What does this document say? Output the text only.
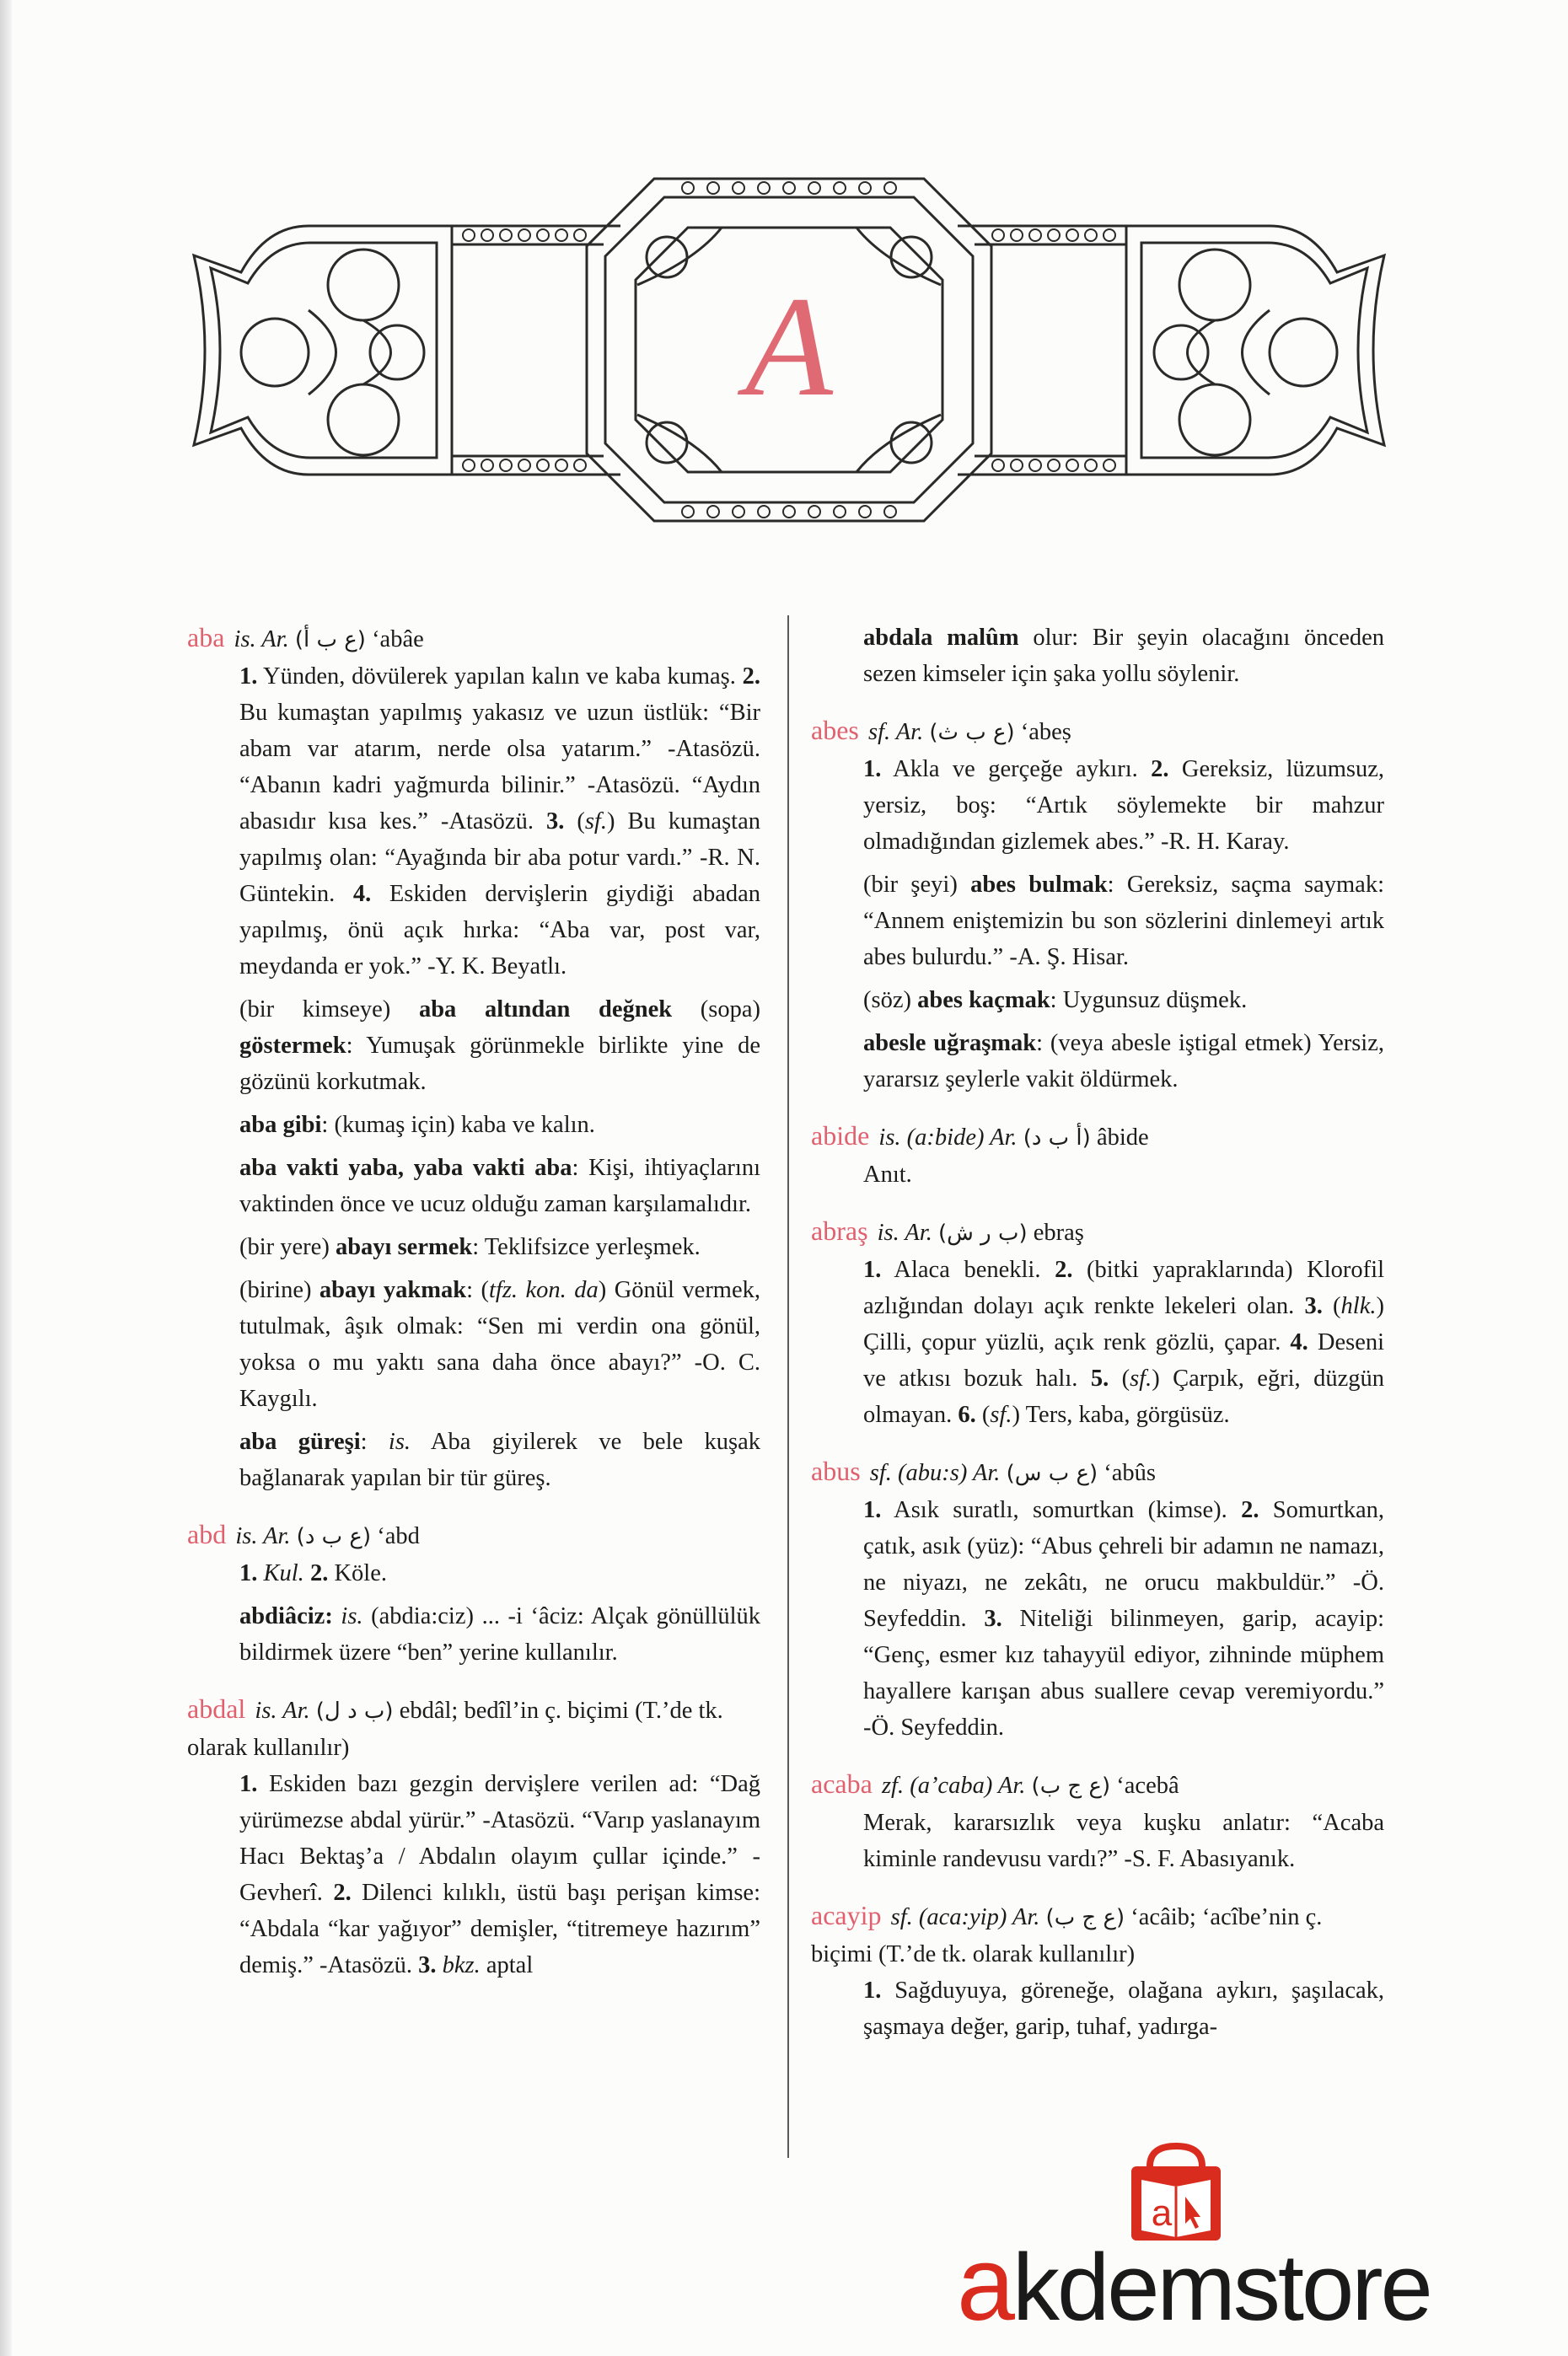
A
aba is. Ar. (ع ب أ) ‘abâe
1. Yünden, dövülerek yapılan kalın ve kaba kumaş. 2. Bu kumaştan yapılmış yakasız ve uzun üstlük: “Bir abam var atarım, nerde olsa yatarım.” -Atasözü. “Abanın kadri yağmurda bilinir.” -Atasözü. “Aydın abasıdır kısa kes.” -Atasözü. 3. (sf.) Bu kumaştan yapılmış olan: “Ayağında bir aba potur vardı.” -R. N. Güntekin. 4. Eskiden dervişlerin giydiği abadan yapılmış, önü açık hırka: “Aba var, post var, meydanda er yok.” -Y. K. Beyatlı.
(bir kimseye) aba altından değnek (sopa) göstermek: Yumuşak görünmekle birlikte yine de gözünü korkutmak.
aba gibi: (kumaş için) kaba ve kalın.
aba vakti yaba, yaba vakti aba: Kişi, ihtiyaçlarını vaktinden önce ve ucuz olduğu zaman karşılamalıdır.
(bir yere) abayı sermek: Teklifsizce yerleşmek.
(birine) abayı yakmak: (tfz. kon. da) Gönül vermek, tutulmak, âşık olmak: “Sen mi verdin ona gönül, yoksa o mu yaktı sana daha önce abayı?” -O. C. Kaygılı.
aba güreşi: is. Aba giyilerek ve bele kuşak bağlanarak yapılan bir tür güreş.
abd is. Ar. (ع ب د) ‘abd
1. Kul. 2. Köle.
abdiâciz: is. (abdia:ciz) ... -i ‘âciz: Alçak gönüllülük bildirmek üzere “ben” yerine kullanılır.
abdal is. Ar. (ب د ل) ebdâl; bedîl’in ç. biçimi (T.’de tk. olarak kullanılır)
1. Eskiden bazı gezgin dervişlere verilen ad: “Dağ yürümezse abdal yürür.” -Atasözü. “Varıp yaslanayım Hacı Bektaş’a / Abdalın olayım çullar içinde.” -Gevherî. 2. Dilenci kılıklı, üstü başı perişan kimse: “Abdala “kar yağıyor” demişler, “titremeye hazırım” demiş.” -Atasözü. 3. bkz. aptal
abdala malûm olur: Bir şeyin olacağını önceden sezen kimseler için şaka yollu söylenir.
abes sf. Ar. (ع ب ث) ‘abeṣ
1. Akla ve gerçeğe aykırı. 2. Gereksiz, lüzumsuz, yersiz, boş: “Artık söylemekte bir mahzur olmadığından gizlemek abes.” -R. H. Karay.
(bir şeyi) abes bulmak: Gereksiz, saçma saymak: “Annem eniştemizin bu son sözlerini dinlemeyi artık abes bulurdu.” -A. Ş. Hisar.
(söz) abes kaçmak: Uygunsuz düşmek.
abesle uğraşmak: (veya abesle iştigal etmek) Yersiz, yararsız şeylerle vakit öldürmek.
abide is. (a:bide) Ar. (أ ب د) âbide
Anıt.
abraş is. Ar. (ب ر ش) ebraş
1. Alaca benekli. 2. (bitki yapraklarında) Klorofil azlığından dolayı açık renkte lekeleri olan. 3. (hlk.) Çilli, çopur yüzlü, açık renk gözlü, çapar. 4. Deseni ve atkısı bozuk halı. 5. (sf.) Çarpık, eğri, düzgün olmayan. 6. (sf.) Ters, kaba, görgüsüz.
abus sf. (abu:s) Ar. (ع ب س) ‘abûs
1. Asık suratlı, somurtkan (kimse). 2. Somurtkan, çatık, asık (yüz): “Abus çehreli bir adamın ne namazı, ne niyazı, ne zekâtı, ne orucu makbuldür.” -Ö. Seyfeddin. 3. Niteliği bilinmeyen, garip, acayip: “Genç, esmer kız tahayyül ediyor, zihninde müphem hayallere karışan abus suallere cevap veremiyordu.” -Ö. Seyfeddin.
acaba zf. (a’caba) Ar. (ع ج ب) ‘acebâ
Merak, kararsızlık veya kuşku anlatır: “Acaba kiminle randevusu vardı?” -S. F. Abasıyanık.
acayip sf. (aca:yip) Ar. (ع ج ب) ‘acâib; ‘acîbe’nin ç. biçimi (T.’de tk. olarak kullanılır)
1. Sağduyuya, göreneğe, olağana aykırı, şaşılacak, şaşmaya değer, garip, tuhaf, yadırga-
a
akdemstore
